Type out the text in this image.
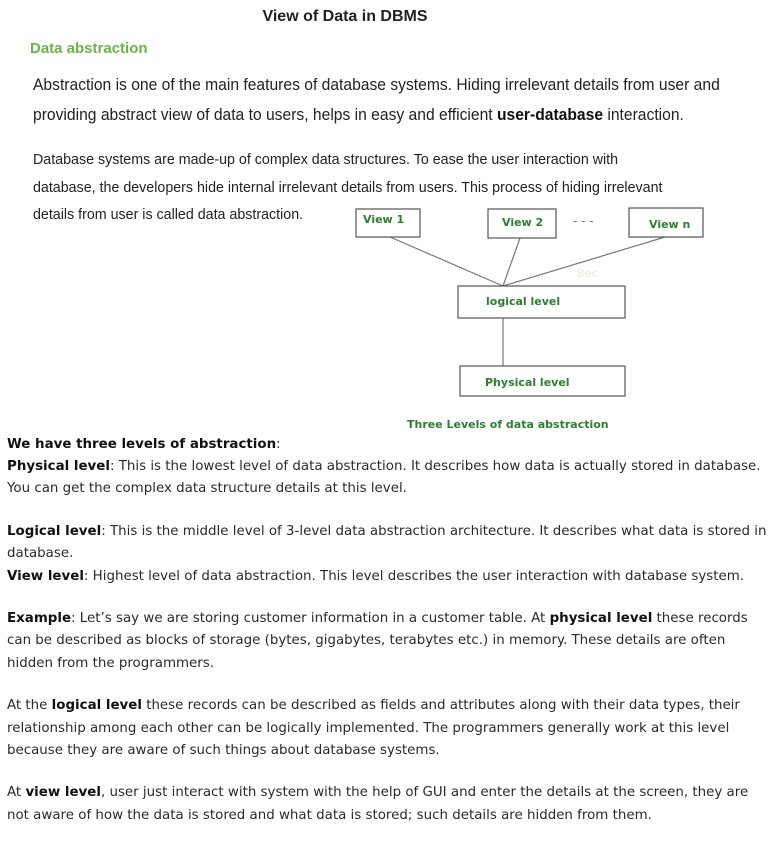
View of Data in DBMS
Data abstraction
Abstraction is one of the main features of database systems. Hiding irrelevant details from user and providing abstract view of data to users, helps in easy and efficient user-database interaction.
Database systems are made-up of complex data structures. To ease the user interaction with
database, the developers hide internal irrelevant details from users. This process of hiding irrelevant
details from user is called data abstraction.	View 1	View 2 - - -	View n
Bec
logical level
Physical level
Three Levels of data abstraction

We have three levels of abstraction:

Physical level: This is the lowest level of data abstraction. It describes how data is actually stored in database. You can get the complex data structure details at this level.

Logical level: This is the middle level of 3-level data abstraction architecture. It describes what data is stored in database.

View level: Highest level of data abstraction. This level describes the user interaction with database system.

Example: Let’s say we are storing customer information in a customer table. At physical level these records can be described as blocks of storage (bytes, gigabytes, terabytes etc.) in memory. These details are often hidden from the programmers.

At the logical level these records can be described as fields and attributes along with their data types, their relationship among each other can be logically implemented. The programmers generally work at this level because they are aware of such things about database systems.

At view level, user just interact with system with the help of GUI and enter the details at the screen, they are not aware of how the data is stored and what data is stored; such details are hidden from them.
